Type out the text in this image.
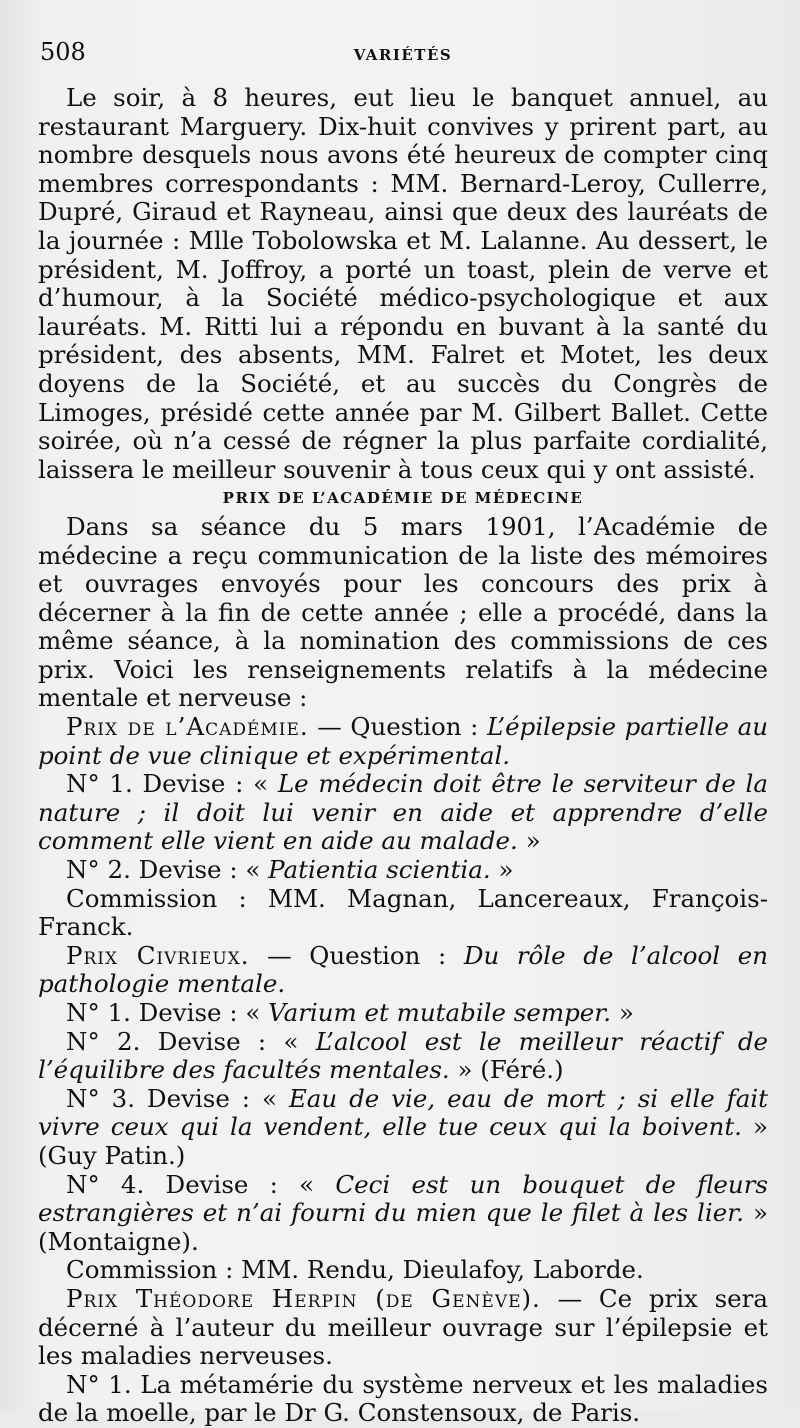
508	VARIÉTÉS

Le soir, à 8 heures, eut lieu le banquet annuel, au restaurant Marguery. Dix-huit convives y prirent part, au nombre desquels nous avons été heureux de compter cinq membres correspondants : MM. Bernard-Leroy, Cullerre, Dupré, Giraud et Rayneau, ainsi que deux des lauréats de la journée : Mlle Tobolowska et M. Lalanne. Au dessert, le président, M. Joffroy, a porté un toast, plein de verve et d’humour, à la Société médico-psychologique et aux lauréats. M. Ritti lui a répondu en buvant à la santé du président, des absents, MM. Falret et Motet, les deux doyens de la Société, et au succès du Congrès de Limoges, présidé cette année par M. Gilbert Ballet. Cette soirée, où n’a cessé de régner la plus parfaite cordialité, laissera le meilleur souvenir à tous ceux qui y ont assisté.

PRIX DE L’ACADÉMIE DE MÉDECINE

Dans sa séance du 5 mars 1901, l’Académie de médecine a reçu communication de la liste des mémoires et ouvrages envoyés pour les concours des prix à décerner à la fin de cette année ; elle a procédé, dans la même séance, à la nomination des commissions de ces prix. Voici les renseignements relatifs à la médecine mentale et nerveuse :

Prix de l’Académie. — Question : L’épilepsie partielle au point de vue clinique et expérimental.

N° 1. Devise : « Le médecin doit être le serviteur de la nature ; il doit lui venir en aide et apprendre d’elle comment elle vient en aide au malade. »

N° 2. Devise : « Patientia scientia. »

Commission : MM. Magnan, Lancereaux, François-Franck.

Prix Civrieux. — Question : Du rôle de l’alcool en pathologie mentale.

N° 1. Devise : « Varium et mutabile semper. »

N° 2. Devise : « L’alcool est le meilleur réactif de l’équilibre des facultés mentales. » (Féré.)

N° 3. Devise : « Eau de vie, eau de mort ; si elle fait vivre ceux qui la vendent, elle tue ceux qui la boivent. » (Guy Patin.)

N° 4. Devise : « Ceci est un bouquet de fleurs estrangières et n’ai fourni du mien que le filet à les lier. » (Montaigne).

Commission : MM. Rendu, Dieulafoy, Laborde.

Prix Théodore Herpin (de Genève). — Ce prix sera décerné à l’auteur du meilleur ouvrage sur l’épilepsie et les maladies nerveuses.

N° 1. La métamérie du système nerveux et les maladies de la moelle, par le Dr G. Constensoux, de Paris.
